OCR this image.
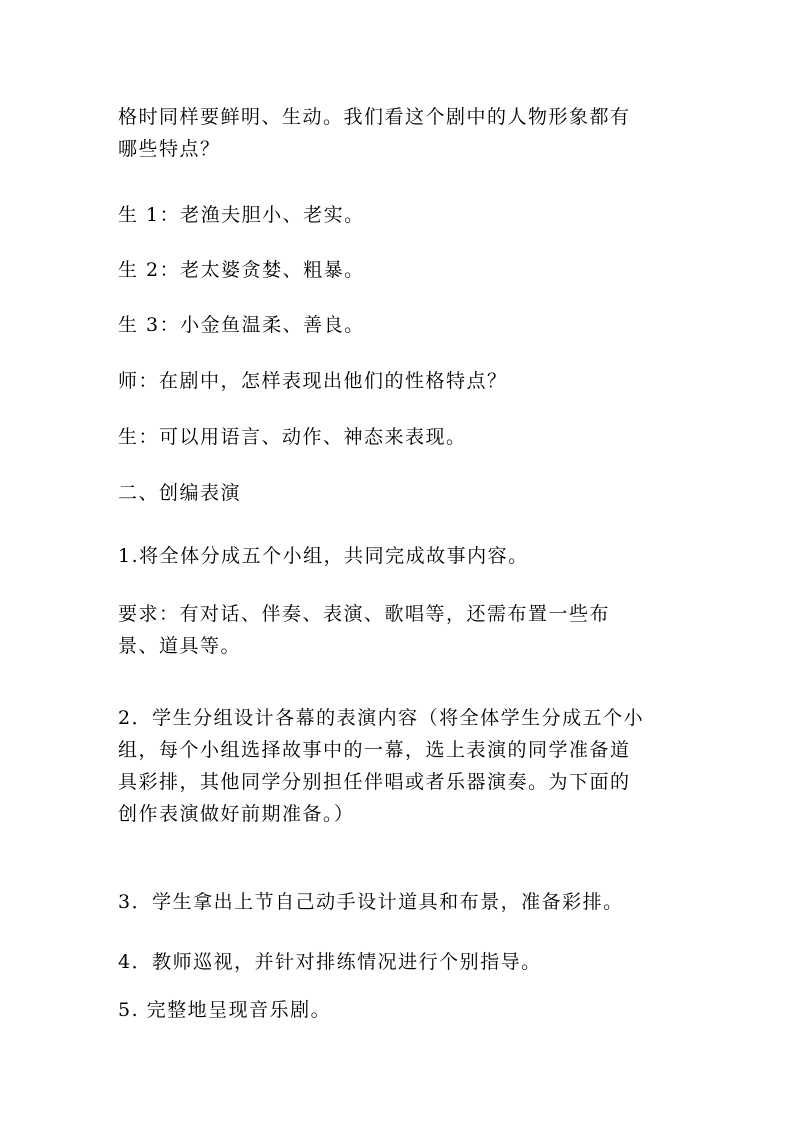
格时同样要鲜明、生动。我们看这个剧中的人物形象都有
哪些特点？
生 1：老渔夫胆小、老实。
生 2：老太婆贪婪、粗暴。
生 3：小金鱼温柔、善良。
师：在剧中，怎样表现出他们的性格特点？
生：可以用语言、动作、神态来表现。
二、创编表演
1.将全体分成五个小组，共同完成故事内容。
要求：有对话、伴奏、表演、歌唱等，还需布置一些布
景、道具等。
2．学生分组设计各幕的表演内容（将全体学生分成五个小
组，每个小组选择故事中的一幕，选上表演的同学准备道
具彩排，其他同学分别担任伴唱或者乐器演奏。为下面的
创作表演做好前期准备。）
3．学生拿出上节自己动手设计道具和布景，准备彩排。
4．教师巡视，并针对排练情况进行个别指导。
5. 完整地呈现音乐剧。
